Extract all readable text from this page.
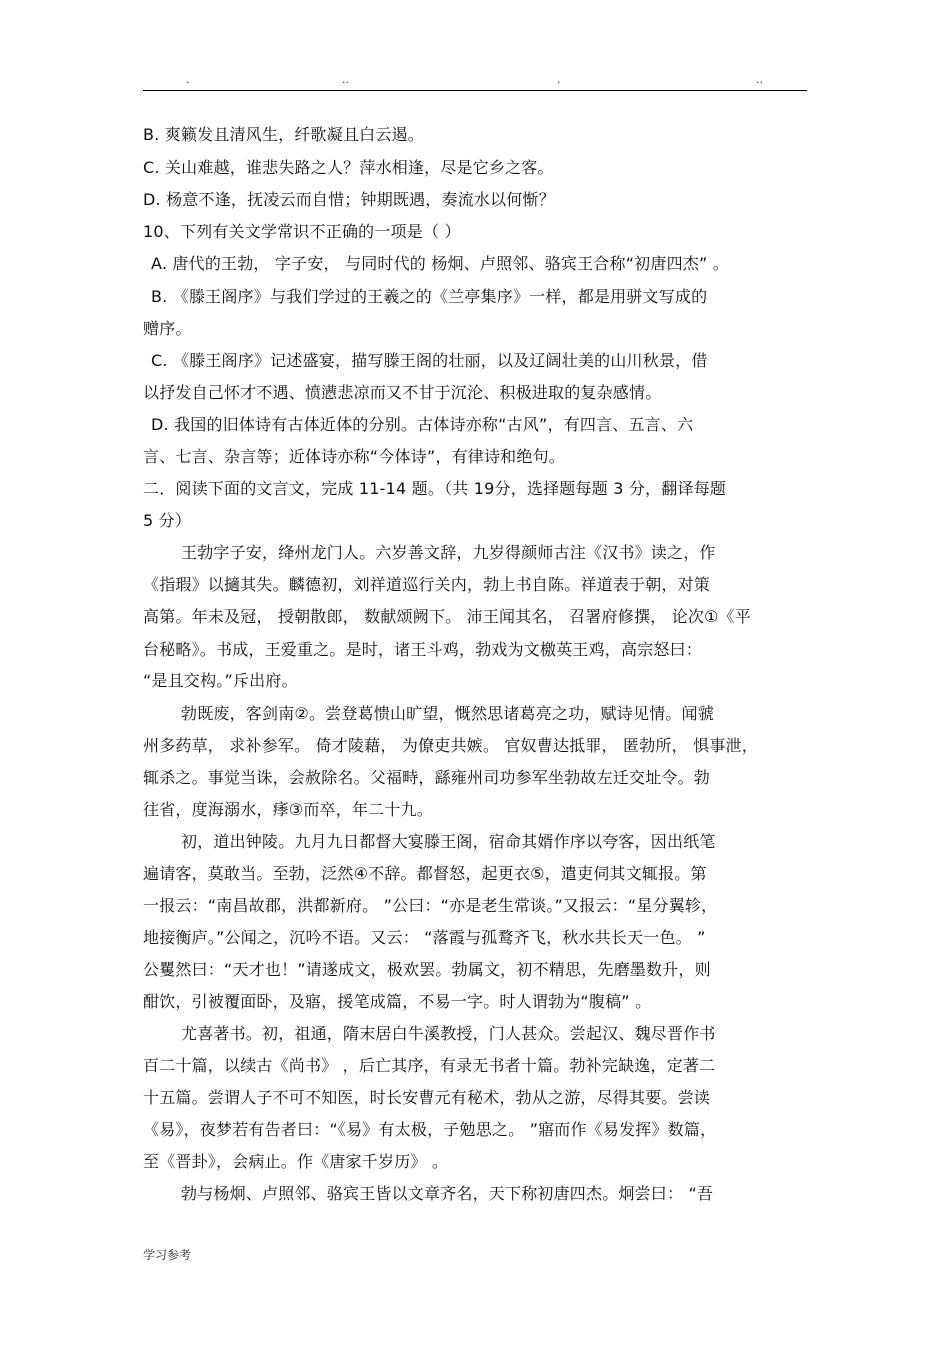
.	..	.	..
B. 爽籁发且清风生，纤歌凝且白云遏。
C. 关山难越，谁悲失路之人？萍水相逢，尽是它乡之客。
D. 杨意不逢，抚凌云而自惜；钟期既遇，奏流水以何惭？
10、下列有关文学常识不正确的一项是（ ）
A. 唐代的王勃， 字子安， 与同时代的 杨炯、卢照邻、骆宾王合称“初唐四杰” 。
B. 《滕王阁序》与我们学过的王羲之的《兰亭集序》一样，都是用骈文写成的
赠序。
C. 《滕王阁序》记述盛宴，描写滕王阁的壮丽，以及辽阔壮美的山川秋景，借
以抒发自己怀才不遇、愤懑悲凉而又不甘于沉沦、积极进取的复杂感情。
D. 我国的旧体诗有古体近体的分别。古体诗亦称“古风”，有四言、五言、六
言、七言、杂言等；近体诗亦称“今体诗”，有律诗和绝句。
二．阅读下面的文言文，完成 11-14 题。（共 19分，选择题每题 3 分，翻译每题
5 分）
王勃字子安，绛州龙门人。六岁善文辞，九岁得颜师古注《汉书》读之，作
《指瑕》以擿其失。麟德初，刘祥道巡行关内，勃上书自陈。祥道表于朝，对策
高第。年未及冠， 授朝散郎， 数献颂阙下。 沛王闻其名， 召署府修撰， 论次①《平
台秘略》。书成，王爱重之。是时，诸王斗鸡，勃戏为文檄英王鸡，高宗怒曰：
“是且交构。”斥出府。
勃既废，客剑南②。尝登葛愦山旷望，慨然思诸葛亮之功，赋诗见情。闻虢
州多药草， 求补参军。 倚才陵藉， 为僚吏共嫉。 官奴曹达抵罪， 匿勃所， 惧事泄，
辄杀之。事觉当诛，会赦除名。父福畤，繇雍州司功参军坐勃故左迁交址令。勃
往省，度海溺水，痵③而卒，年二十九。
初，道出钟陵。九月九日都督大宴滕王阁，宿命其婿作序以夸客，因出纸笔
遍请客，莫敢当。至勃，泛然④不辞。都督怒，起更衣⑤，遣吏伺其文辄报。第
一报云：“南昌故郡，洪都新府。 ”公曰：“亦是老生常谈。”又报云：“星分翼轸，
地接衡庐。”公闻之，沉吟不语。又云： “落霞与孤鹜齐飞，秋水共长天一色。 ”
公矍然曰：“天才也！”请遂成文，极欢罢。勃属文，初不精思，先磨墨数升，则
酣饮，引被覆面卧，及寤，援笔成篇，不易一字。时人谓勃为“腹稿” 。
尤喜著书。初，祖通，隋末居白牛溪教授，门人甚众。尝起汉、魏尽晋作书
百二十篇，以续古《尚书》 ，后亡其序，有录无书者十篇。勃补完缺逸，定著二
十五篇。尝谓人子不可不知医，时长安曹元有秘术，勃从之游，尽得其要。尝读
《易》，夜梦若有告者曰：“《易》有太极，子勉思之。 ”寤而作《易发挥》数篇，
至《晋卦》，会病止。作《唐家千岁历》 。
勃与杨炯、卢照邻、骆宾王皆以文章齐名，天下称初唐四杰。炯尝曰： “吾
学习参考
